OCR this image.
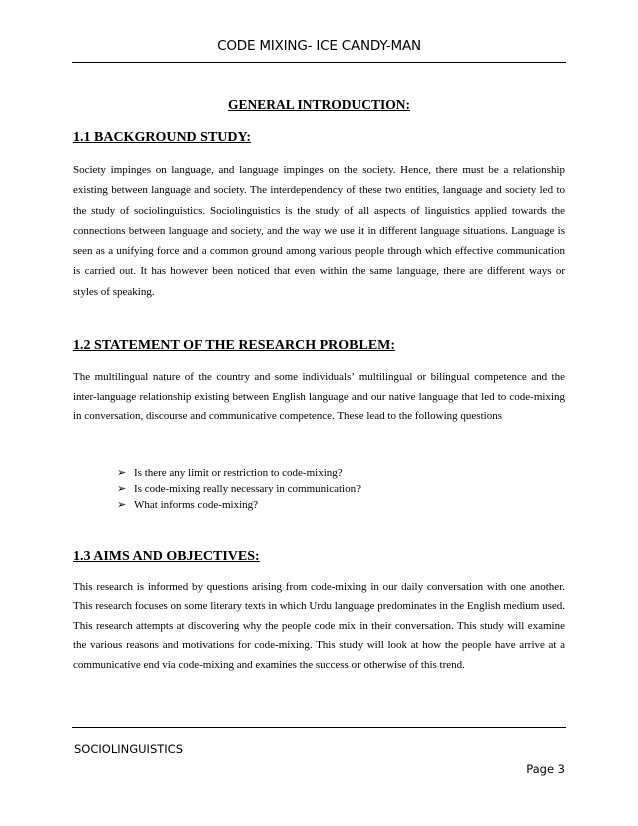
CODE MIXING- ICE CANDY-MAN
GENERAL INTRODUCTION:
1.1 BACKGROUND STUDY:

Society impinges on language, and language impinges on the society. Hence, there must be a relationship existing between language and society. The interdependency of these two entities, language and society led to the study of sociolinguistics. Sociolinguistics is the study of all aspects of linguistics applied towards the connections between language and society, and the way we use it in different language situations. Language is seen as a unifying force and a common ground among various people through which effective communication is carried out. It has however been noticed that even within the same language, there are different ways or styles of speaking.

1.2 STATEMENT OF THE RESEARCH PROBLEM:

The multilingual nature of the country and some individuals’ multilingual or bilingual competence and the inter-language relationship existing between English language and our native language that led to code-mixing in conversation, discourse and communicative competence. These lead to the following questions

➢ Is there any limit or restriction to code-mixing?
➢ Is code-mixing really necessary in communication?
➢ What informs code-mixing?
1.3 AIMS AND OBJECTIVES:

This research is informed by questions arising from code-mixing in our daily conversation with one another. This research focuses on some literary texts in which Urdu language predominates in the English medium used. This research attempts at discovering why the people code mix in their conversation. This study will examine the various reasons and motivations for code-mixing. This study will look at how the people have arrive at a communicative end via code-mixing and examines the success or otherwise of this trend.

SOCIOLINGUISTICS
Page 3
